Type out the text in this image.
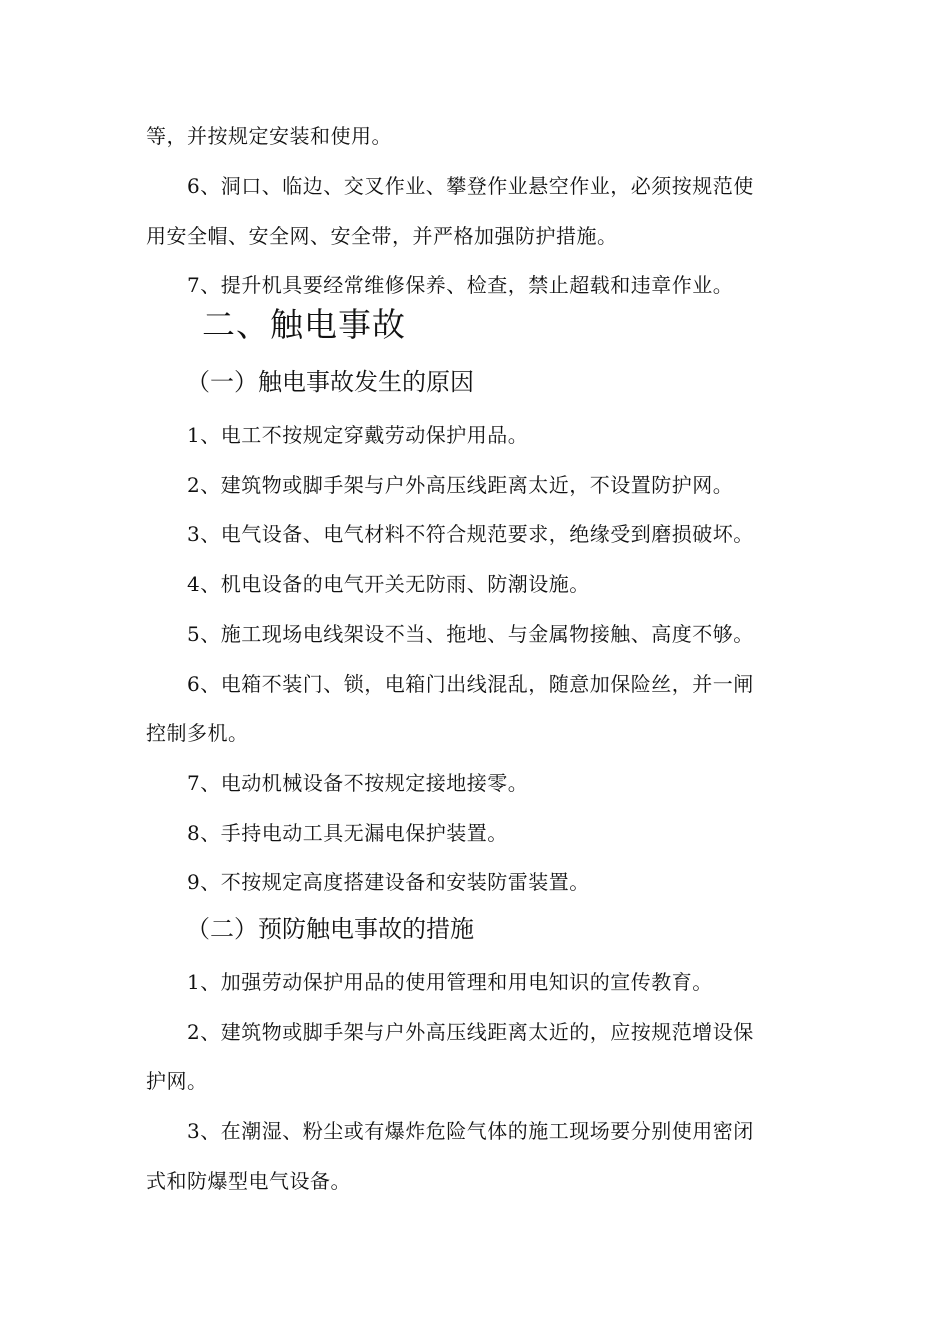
等，并按规定安装和使用。
6、洞口、临边、交叉作业、攀登作业悬空作业，必须按规范使
用安全帽、安全网、安全带，并严格加强防护措施。
7、提升机具要经常维修保养、检查，禁止超载和违章作业。
二、触电事故
（一）触电事故发生的原因
1、电工不按规定穿戴劳动保护用品。
2、建筑物或脚手架与户外高压线距离太近，不设置防护网。
3、电气设备、电气材料不符合规范要求，绝缘受到磨损破坏。
4、机电设备的电气开关无防雨、防潮设施。
5、施工现场电线架设不当、拖地、与金属物接触、高度不够。
6、电箱不装门、锁，电箱门出线混乱，随意加保险丝，并一闸
控制多机。
7、电动机械设备不按规定接地接零。
8、手持电动工具无漏电保护装置。
9、不按规定高度搭建设备和安装防雷装置。
（二）预防触电事故的措施
1、加强劳动保护用品的使用管理和用电知识的宣传教育。
2、建筑物或脚手架与户外高压线距离太近的，应按规范增设保
护网。
3、在潮湿、粉尘或有爆炸危险气体的施工现场要分别使用密闭
式和防爆型电气设备。
